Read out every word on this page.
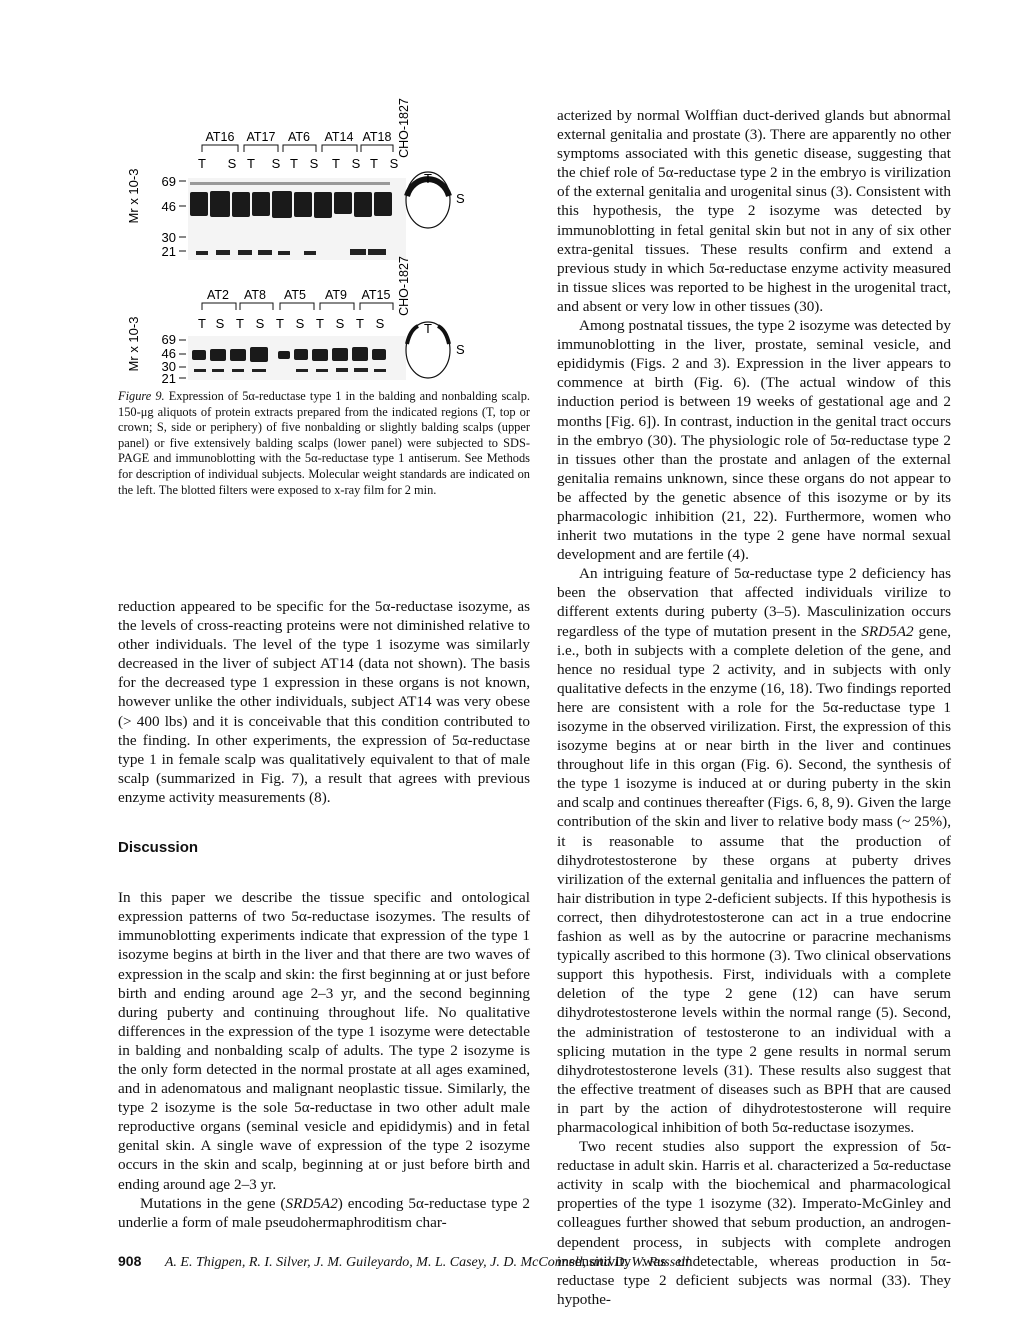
Mr x 10-3
AT16 AT17 AT6 AT14 AT18 CHO-1827
T S T S T S T S T S
69
46
30
21
T
S
Mr x 10-3
AT2 AT8 AT5 AT9 AT15 CHO-1827
T S T S T S T S T S
69
46
30
21
T
S
Figure 9. Expression of 5α-reductase type 1 in the balding and nonbalding scalp. 150-μg aliquots of protein extracts prepared from the indicated regions (T, top or crown; S, side or periphery) of five nonbalding or slightly balding scalps (upper panel) or five extensively balding scalps (lower panel) were subjected to SDS-PAGE and immunoblotting with the 5α-reductase type 1 antiserum. See Methods for description of individual subjects. Molecular weight standards are indicated on the left. The blotted filters were exposed to x-ray film for 2 min.

reduction appeared to be specific for the 5α-reductase isozyme, as the levels of cross-reacting proteins were not diminished relative to other individuals. The level of the type 1 isozyme was similarly decreased in the liver of subject AT14 (data not shown). The basis for the decreased type 1 expression in these organs is not known, however unlike the other individuals, subject AT14 was very obese (> 400 lbs) and it is conceivable that this condition contributed to the finding. In other experiments, the expression of 5α-reductase type 1 in female scalp was qualitatively equivalent to that of male scalp (summarized in Fig. 7), a result that agrees with previous enzyme activity measurements (8).

Discussion

In this paper we describe the tissue specific and ontological expression patterns of two 5α-reductase isozymes. The results of immunoblotting experiments indicate that expression of the type 1 isozyme begins at birth in the liver and that there are two waves of expression in the scalp and skin: the first beginning at or just before birth and ending around age 2–3 yr, and the second beginning during puberty and continuing throughout life. No qualitative differences in the expression of the type 1 isozyme were detectable in balding and nonbalding scalp of adults. The type 2 isozyme is the only form detected in the normal prostate at all ages examined, and in adenomatous and malignant neoplastic tissue. Similarly, the type 2 isozyme is the sole 5α-reductase in two other adult male reproductive organs (seminal vesicle and epididymis) and in fetal genital skin. A single wave of expression of the type 2 isozyme occurs in the skin and scalp, beginning at or just before birth and ending around age 2–3 yr.

Mutations in the gene (SRD5A2) encoding 5α-reductase type 2 underlie a form of male pseudohermaphroditism char-

acterized by normal Wolffian duct-derived glands but abnormal external genitalia and prostate (3). There are apparently no other symptoms associated with this genetic disease, suggesting that the chief role of 5α-reductase type 2 in the embryo is virilization of the external genitalia and urogenital sinus (3). Consistent with this hypothesis, the type 2 isozyme was detected by immunoblotting in fetal genital skin but not in any of six other extra-genital tissues. These results confirm and extend a previous study in which 5α-reductase enzyme activity measured in tissue slices was reported to be highest in the urogenital tract, and absent or very low in other tissues (30).

Among postnatal tissues, the type 2 isozyme was detected by immunoblotting in the liver, prostate, seminal vesicle, and epididymis (Figs. 2 and 3). Expression in the liver appears to commence at birth (Fig. 6). (The actual window of this induction period is between 19 weeks of gestational age and 2 months [Fig. 6]). In contrast, induction in the genital tract occurs in the embryo (30). The physiologic role of 5α-reductase type 2 in tissues other than the prostate and anlagen of the external genitalia remains unknown, since these organs do not appear to be affected by the genetic absence of this isozyme or by its pharmacologic inhibition (21, 22). Furthermore, women who inherit two mutations in the type 2 gene have normal sexual development and are fertile (4).

An intriguing feature of 5α-reductase type 2 deficiency has been the observation that affected individuals virilize to different extents during puberty (3–5). Masculinization occurs regardless of the type of mutation present in the SRD5A2 gene, i.e., both in subjects with a complete deletion of the gene, and hence no residual type 2 activity, and in subjects with only qualitative defects in the enzyme (16, 18). Two findings reported here are consistent with a role for the 5α-reductase type 1 isozyme in the observed virilization. First, the expression of this isozyme begins at or near birth in the liver and continues throughout life in this organ (Fig. 6). Second, the synthesis of the type 1 isozyme is induced at or during puberty in the skin and scalp and continues thereafter (Figs. 6, 8, 9). Given the large contribution of the skin and liver to relative body mass (~ 25%), it is reasonable to assume that the production of dihydrotestosterone by these organs at puberty drives virilization of the external genitalia and influences the pattern of hair distribution in type 2-deficient subjects. If this hypothesis is correct, then dihydrotestosterone can act in a true endocrine fashion as well as by the autocrine or paracrine mechanisms typically ascribed to this hormone (3). Two clinical observations support this hypothesis. First, individuals with a complete deletion of the type 2 gene (12) can have serum dihydrotestosterone levels within the normal range (5). Second, the administration of testosterone to an individual with a splicing mutation in the type 2 gene results in normal serum dihydrotestosterone levels (31). These results also suggest that the effective treatment of diseases such as BPH that are caused in part by the action of dihydrotestosterone will require pharmacological inhibition of both 5α-reductase isozymes.

Two recent studies also support the expression of 5α-reductase in adult skin. Harris et al. characterized a 5α-reductase activity in scalp with the biochemical and pharmacological properties of the type 1 isozyme (32). Imperato-McGinley and colleagues further showed that sebum production, an androgen-dependent process, in subjects with complete androgen insensitivity was undetectable, whereas production in 5α-reductase type 2 deficient subjects was normal (33). They hypothe-

908 A. E. Thigpen, R. I. Silver, J. M. Guileyardo, M. L. Casey, J. D. McConnell, and D. W. Russell
